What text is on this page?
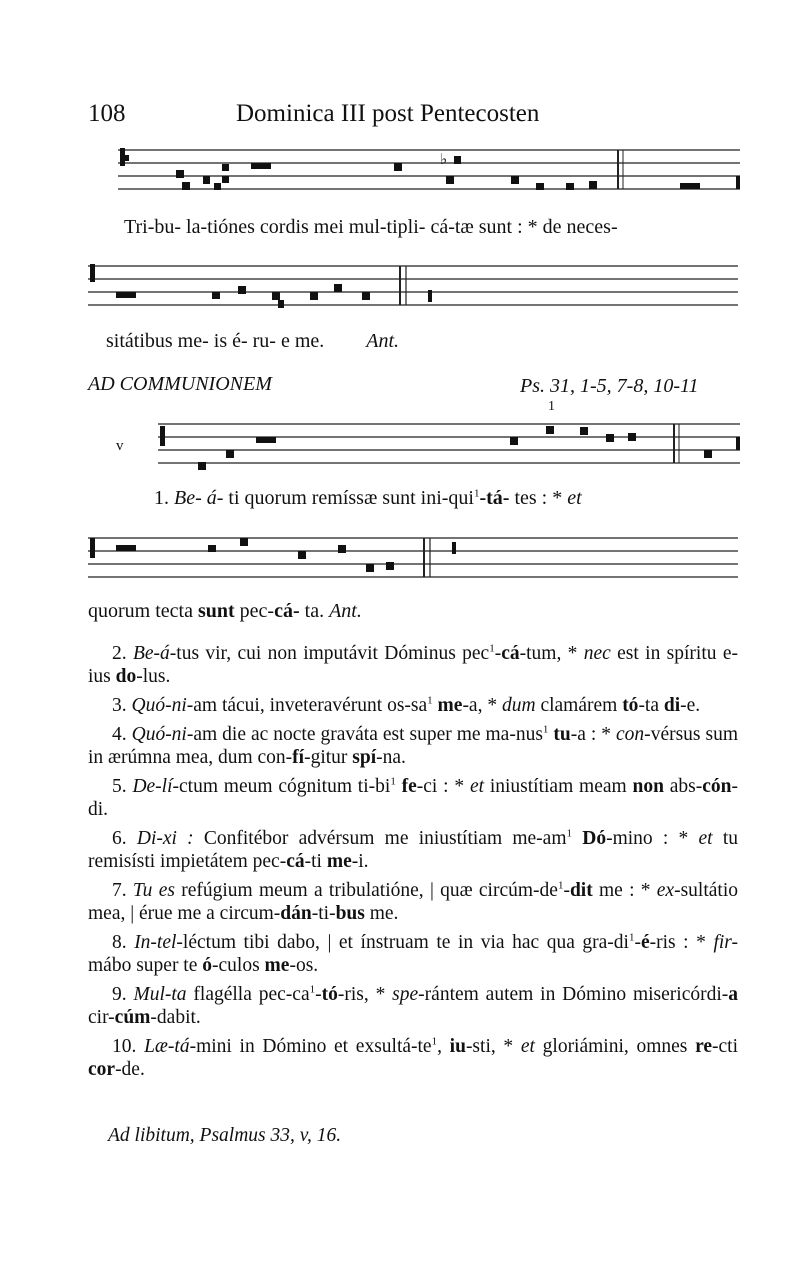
108	Dominica III post Pentecosten
♭
Tri-bu- la-tiónes cordis mei mul-tipli- cá-tæ sunt : * de neces-
sitátibus me- is é- ru- e me. Ant.
AD COMMUNIONEM	Ps. 31, 1-5, 7-8, 10-11
1
v
1. Be- á- ti quorum remíssæ sunt ini-qui$^1$-tá- tes : * et
quorum tecta sunt pec-cá- ta. Ant.

2. Be-á-tus vir, cui non imputávit Dóminus pec$^1$-cá-tum, * nec est in spíritu e-ius do-lus.

3. Quó-ni-am tácui, inveteravérunt $os-sa^1$ me-a, * dum clamárem tó-ta di-e.

4. Quó-ni-am die ac nocte graváta est super me ma-nus$^1$ tu-a : * con-vérsus sum in ærúmna mea, dum con-fí-gitur spí-na.

5. De-lí-ctum meum cógnitum $ti-bi^1$ fe-ci : * et iniustítiam meam non abs-cón-di.

6. Di-xi : Confitébor advérsum me iniustítiam $me-am^1$ Dó-mino : * et tu remisísti impietátem pec-cá-ti me-i.

7. Tu es refúgium meum a tribulatióne, | quæ circúm-$de^1$-dit me : * ex-sultátio mea, | érue me a circum-dán-ti-bus me.

8. In-tel-léctum tibi dabo, | et ínstruam te in via hac qua gra-$di^1-é$-ris : * fir-mábo super te ó-culos me-os.

9. Mul-ta flagélla pec-$ca^1-tó$-ris, * spe-rántem autem in Dómino misericórdi-a cir-cúm-dabit.

10. Læ-tá-mini in Dómino et exsultá-$te^1$, iu-sti, * et gloriámini, omnes re-cti cor-de.

Ad libitum, Psalmus 33, v, 16.
